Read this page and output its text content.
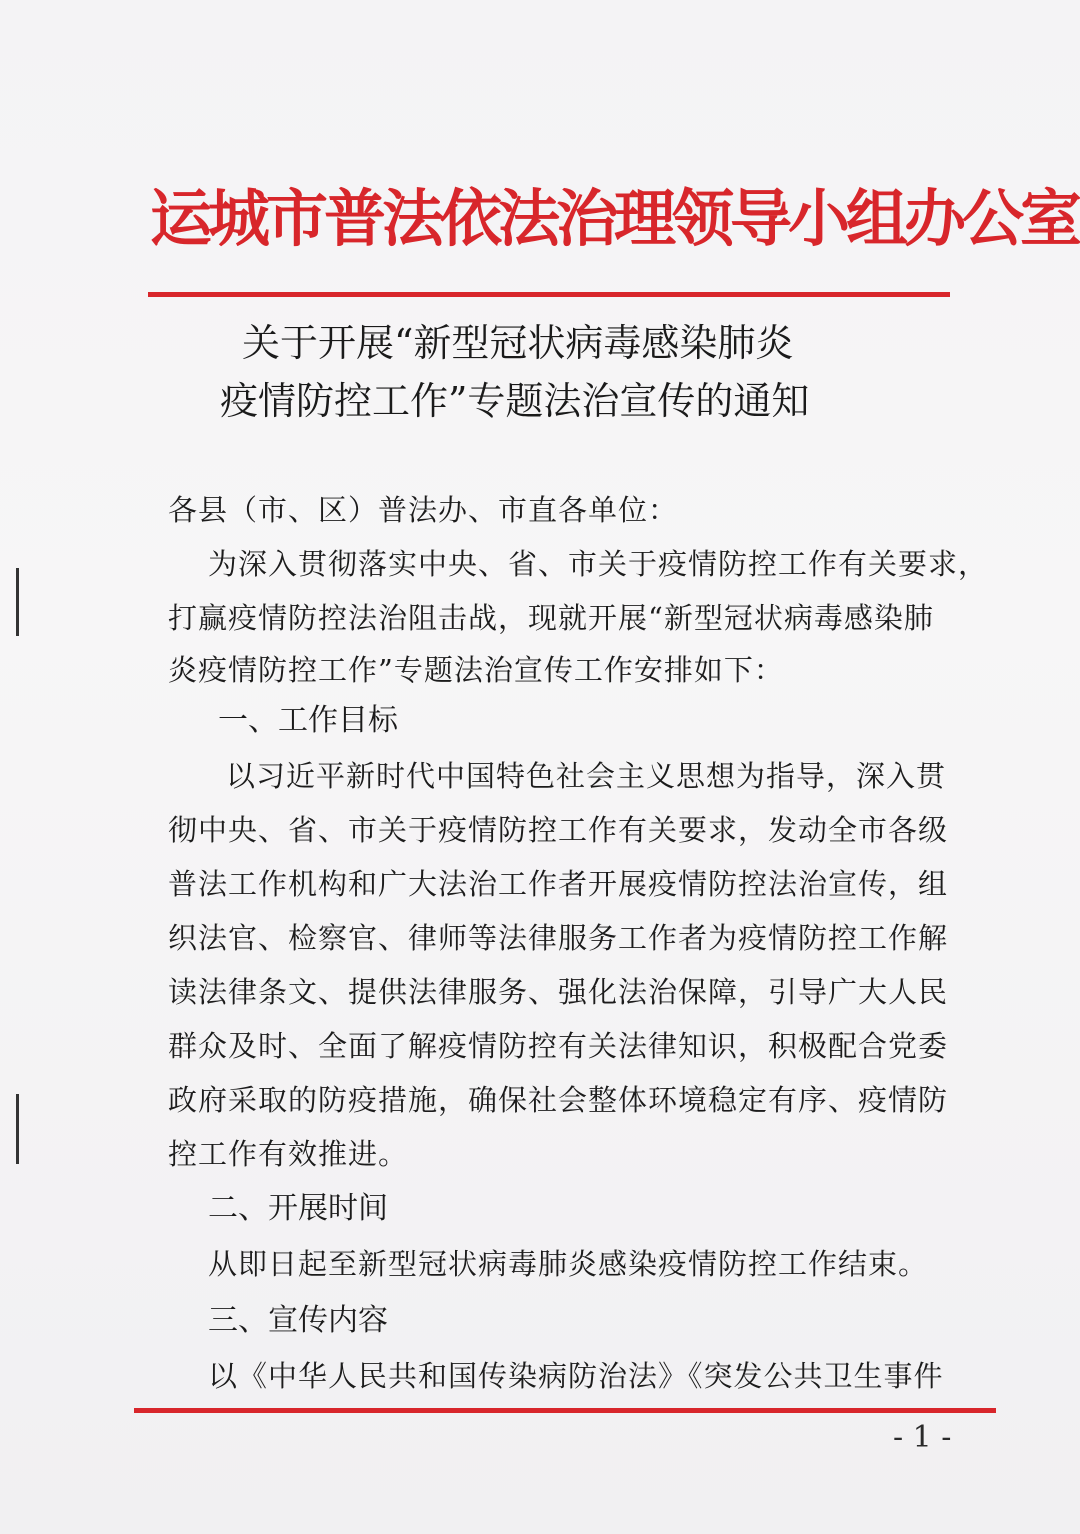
运城市普法依法治理领导小组办公室
关于开展“新型冠状病毒感染肺炎
疫情防控工作”专题法治宣传的通知
各县（市、区）普法办、市直各单位：
为深入贯彻落实中央、省、市关于疫情防控工作有关要求，
打赢疫情防控法治阻击战，现就开展“新型冠状病毒感染肺
炎疫情防控工作”专题法治宣传工作安排如下：
一、工作目标
以习近平新时代中国特色社会主义思想为指导，深入贯
彻中央、省、市关于疫情防控工作有关要求，发动全市各级
普法工作机构和广大法治工作者开展疫情防控法治宣传，组
织法官、检察官、律师等法律服务工作者为疫情防控工作解
读法律条文、提供法律服务、强化法治保障，引导广大人民
群众及时、全面了解疫情防控有关法律知识，积极配合党委
政府采取的防疫措施，确保社会整体环境稳定有序、疫情防
控工作有效推进。
二、开展时间
从即日起至新型冠状病毒肺炎感染疫情防控工作结束。
三、宣传内容
以《中华人民共和国传染病防治法》《突发公共卫生事件
- 1 -
